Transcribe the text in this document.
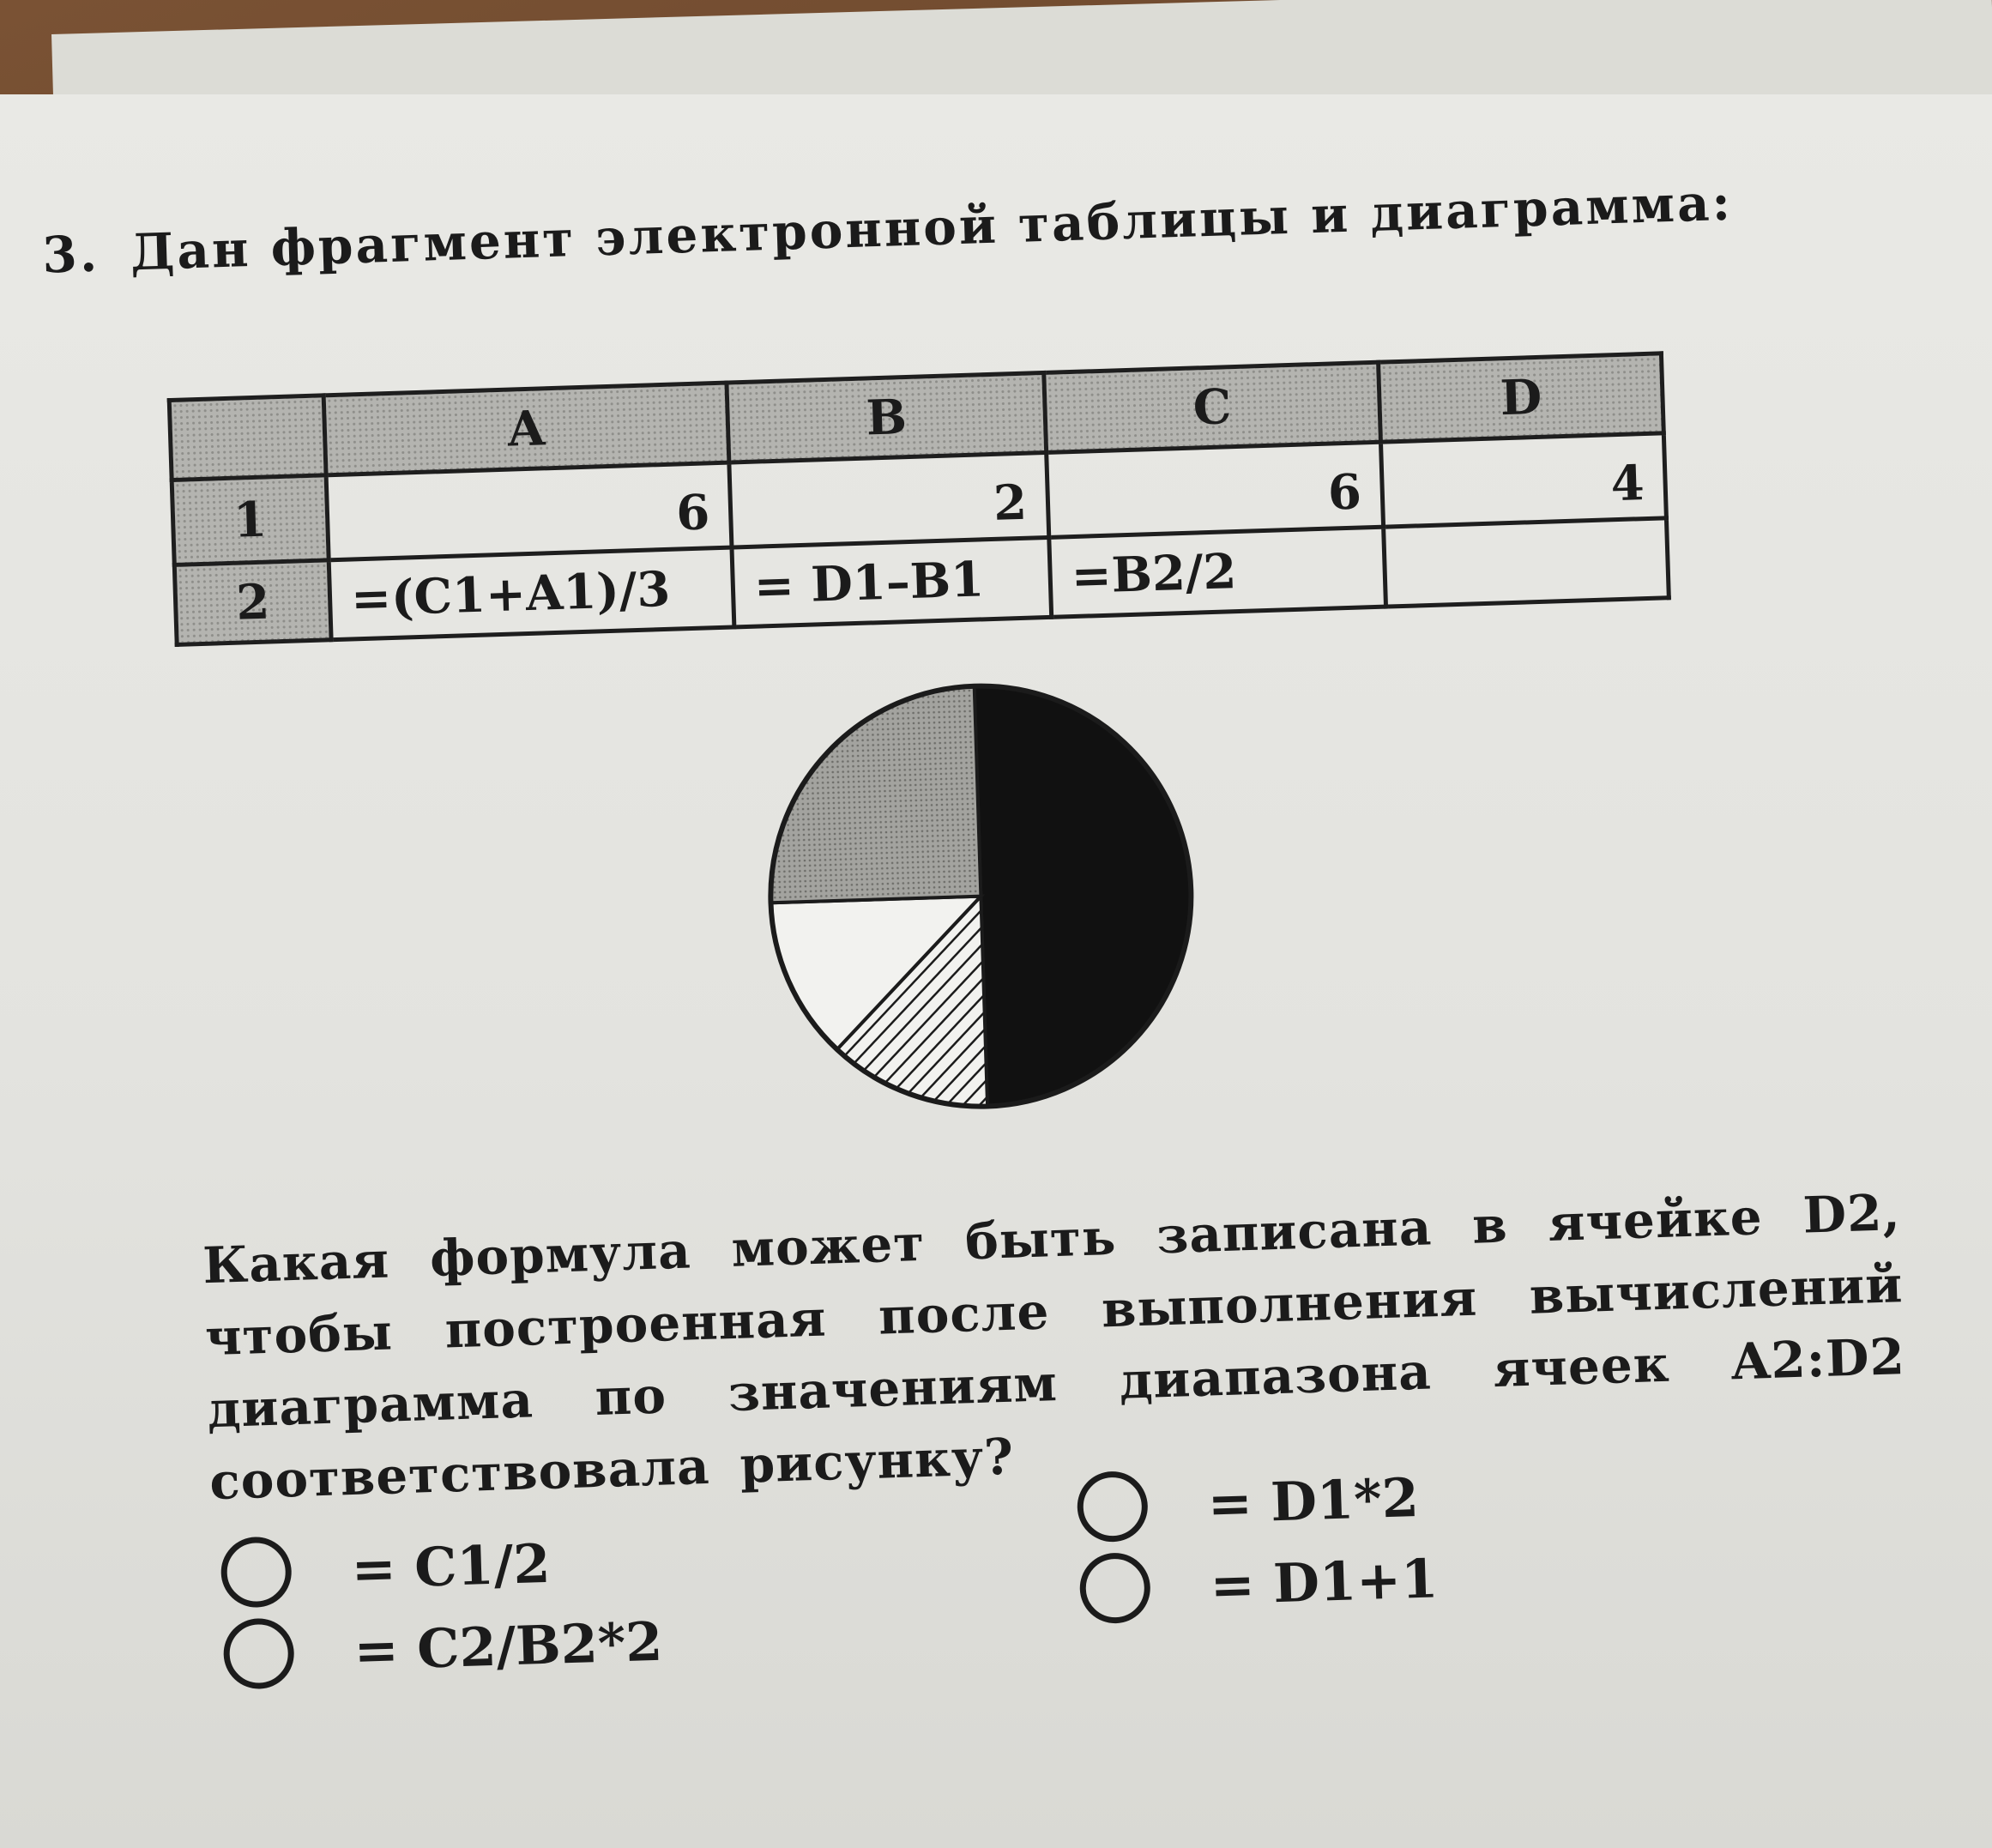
3. Дан фрагмент электронной таблицы и диаграмма:
	A	B	C	D
1	6	2	6	4
2	=(C1+A1)/3	= D1–B1	=B2/2	
Какая формула может быть записана в ячейке D2, чтобы построенная после выполнения вычислений диаграмма по значениям диапазона ячеек A2:D2 соответствовала рисунку?
= C1/2
= C2/B2*2
= D1*2
= D1+1
